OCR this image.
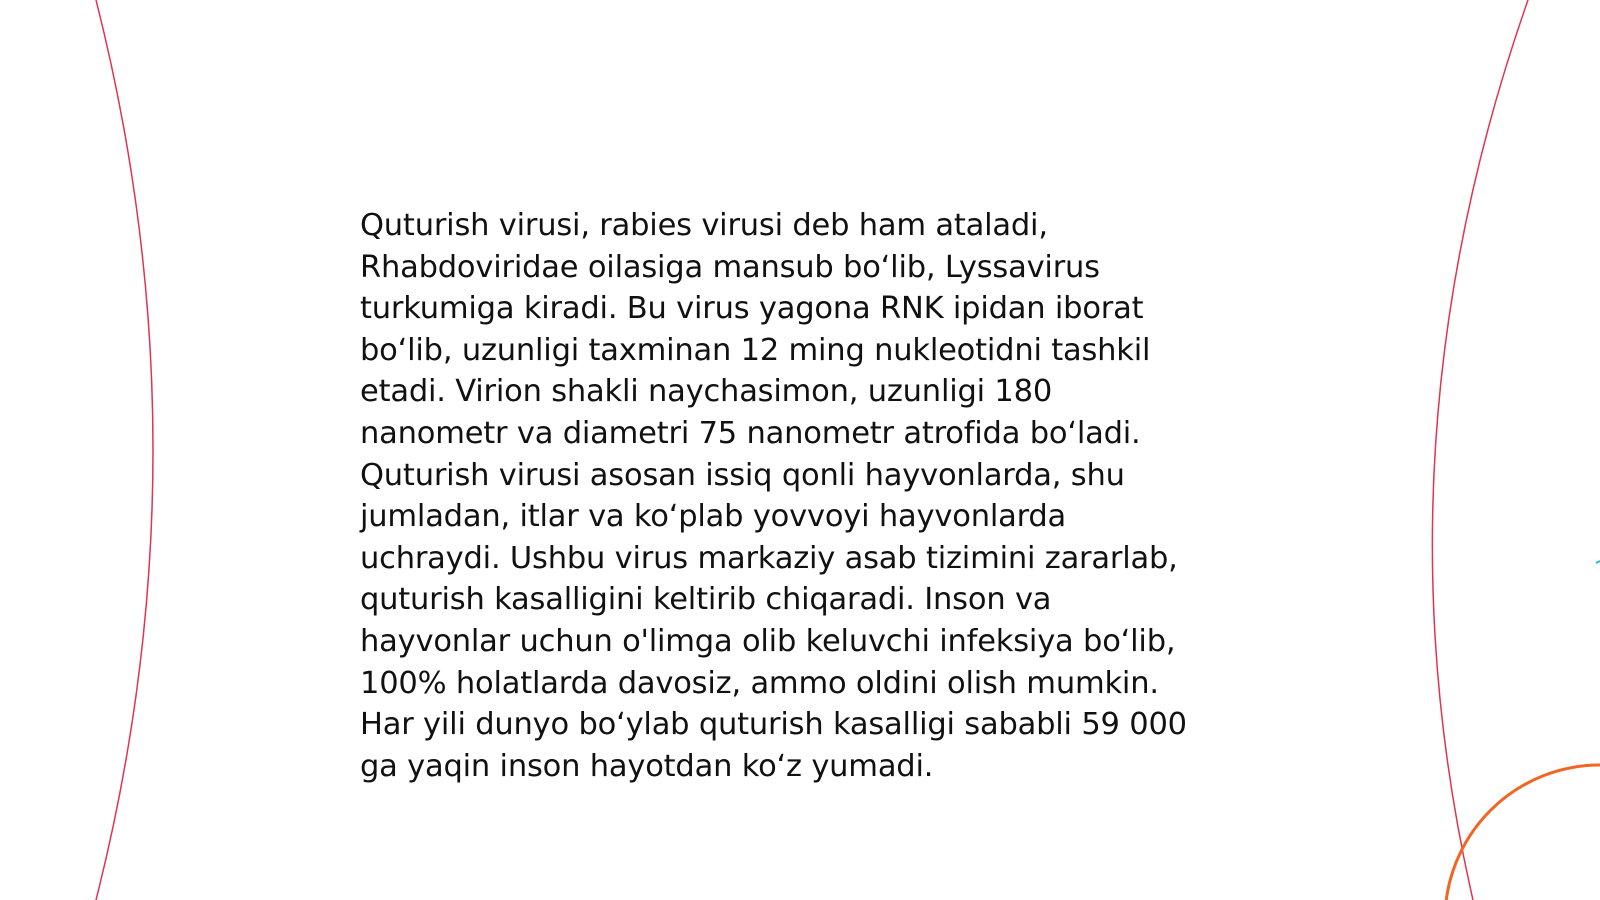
Quturish virusi, rabies virusi deb ham ataladi,
Rhabdoviridae oilasiga mansub bo‘lib, Lyssavirus
turkumiga kiradi. Bu virus yagona RNK ipidan iborat
bo‘lib, uzunligi taxminan 12 ming nukleotidni tashkil
etadi. Virion shakli naychasimon, uzunligi 180
nanometr va diametri 75 nanometr atrofida bo‘ladi.
Quturish virusi asosan issiq qonli hayvonlarda, shu
jumladan, itlar va ko‘plab yovvoyi hayvonlarda
uchraydi. Ushbu virus markaziy asab tizimini zararlab,
quturish kasalligini keltirib chiqaradi. Inson va
hayvonlar uchun o'limga olib keluvchi infeksiya bo‘lib,
100% holatlarda davosiz, ammo oldini olish mumkin.
Har yili dunyo bo‘ylab quturish kasalligi sababli 59 000
ga yaqin inson hayotdan ko‘z yumadi.
